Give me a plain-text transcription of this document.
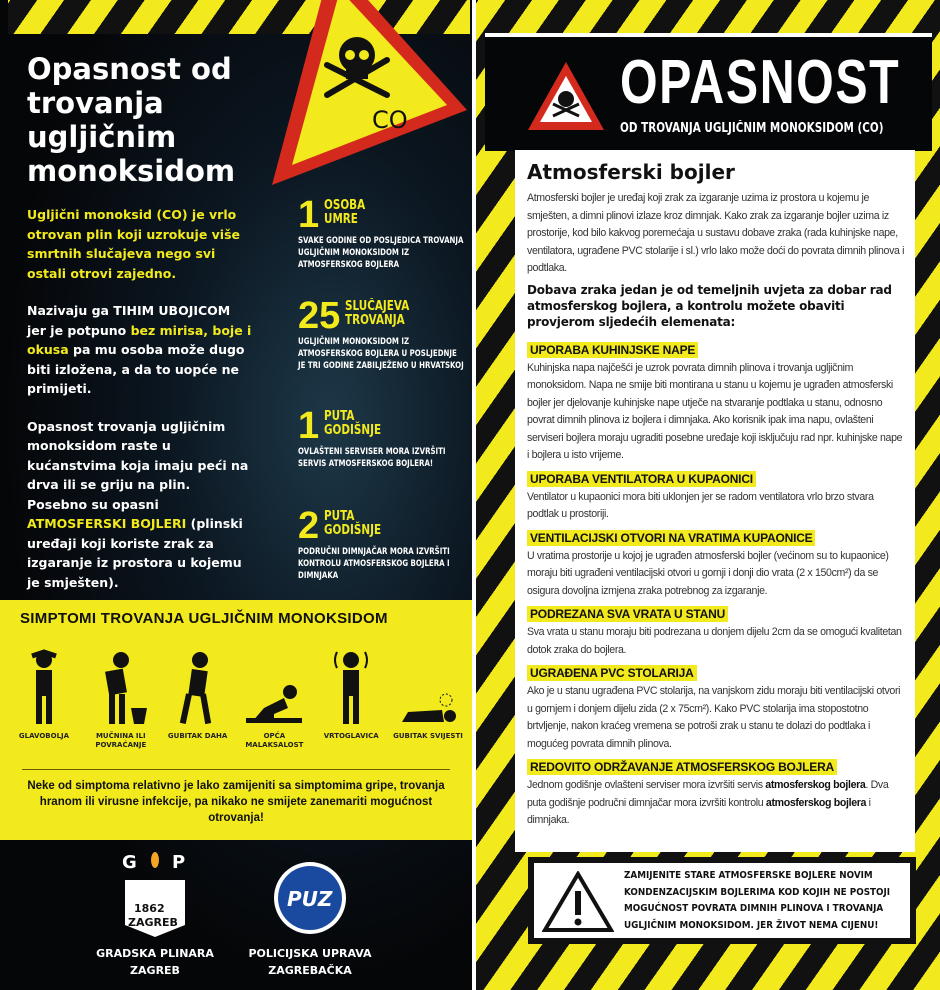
Opasnost od trovanja ugljičnim monoksidom
CO

Ugljični monoksid (CO) je vrlo otrovan plin koji uzrokuje više smrtnih slučajeva nego svi ostali otrovi zajedno.

Nazivaju ga TIHIM UBOJICOM jer je potpuno bez mirisa, boje i okusa pa mu osoba može dugo biti izložena, a da to uopće ne primijeti.

Opasnost trovanja ugljičnim monoksidom raste u kućanstvima koja imaju peći na drva ili se griju na plin. Posebno su opasni ATMOSFERSKI BOJLERI (plinski uređaji koji koriste zrak za izgaranje iz prostora u kojemu je smješten).

1 OSOBA
UMRE
SVAKE GODINE OD POSLJEDICA TROVANJA UGLJIČNIM MONOKSIDOM IZ ATMOSFERSKOG BOJLERA
25 SLUČAJEVA
TROVANJA
UGLJIČNIM MONOKSIDOM IZ ATMOSFERSKOG BOJLERA U POSLJEDNJE JE TRI GODINE ZABILJEŽENO U HRVATSKOJ
1 PUTA
GODIŠNJE
OVLAŠTENI SERVISER MORA IZVRŠITI SERVIS ATMOSFERSKOG BOJLERA!
2 PUTA
GODIŠNJE
PODRUČNI DIMNJAČAR MORA IZVRŠITI KONTROLU ATMOSFERSKOG BOJLERA I DIMNJAKA
SIMPTOMI TROVANJA UGLJIČNIM MONOKSIDOM
GLAVOBOLJA	MUČNINA ILI POVRAĆANJE
GUBITAK DAHA	OPĆA MALAKSALOST
VRTOGLAVICA	GUBITAK SVIJESTI
Neke od simptoma relativno je lako zamijeniti sa simptomima gripe, trovanja hranom ili virusne infekcije, pa nikako ne smijete zanemariti mogućnost otrovanja!
G P
1862
ZAGREB
GRADSKA PLINARA
ZAGREB
PUZ
POLICIJSKA UPRAVA
ZAGREBAČKA
OPASNOST
OD TROVANJA UGLJIČNIM MONOKSIDOM (CO)
Atmosferski bojler

Atmosferski bojler je uređaj koji zrak za izgaranje uzima iz prostora u kojemu je smješten, a dimni plinovi izlaze kroz dimnjak. Kako zrak za izgaranje bojler uzima iz prostorije, kod bilo kakvog poremećaja u sustavu dobave zraka (rada kuhinjske nape, ventilatora, ugrađene PVC stolarije i sl.) vrlo lako može doći do povrata dimnih plinova i podtlaka.

Dobava zraka jedan je od temeljnih uvjeta za dobar rad atmosferskog bojlera, a kontrolu možete obaviti provjerom sljedećih elemenata:
UPORABA KUHINJSKE NAPE

Kuhinjska napa najčešći je uzrok povrata dimnih plinova i trovanja ugljičnim monoksidom. Napa ne smije biti montirana u stanu u kojemu je ugrađen atmosferski bojler jer djelovanje kuhinjske nape utječe na stvaranje podtlaka u stanu, odnosno povrat dimnih plinova iz bojlera i dimnjaka. Ako korisnik ipak ima napu, ovlašteni serviseri bojlera moraju ugraditi posebne uređaje koji isključuju rad npr. kuhinjske nape i bojlera u isto vrijeme.

UPORABA VENTILATORA U KUPAONICI

Ventilator u kupaonici mora biti uklonjen jer se radom ventilatora vrlo brzo stvara podtlak u prostoriji.

VENTILACIJSKI OTVORI NA VRATIMA KUPAONICE

U vratima prostorije u kojoj je ugrađen atmosferski bojler (većinom su to kupaonice) moraju biti ugrađeni ventilacijski otvori u gornji i donji dio vrata (2 x 150cm²) da se osigura dovoljna izmjena zraka potrebnog za izgaranje.

PODREZANA SVA VRATA U STANU

Sva vrata u stanu moraju biti podrezana u donjem dijelu 2cm da se omogući kvalitetan dotok zraka do bojlera.

UGRAĐENA PVC STOLARIJA

Ako je u stanu ugrađena PVC stolarija, na vanjskom zidu moraju biti ventilacijski otvori u gornjem i donjem dijelu zida (2 x 75cm²). Kako PVC stolarija ima stopostotno brtvljenje, nakon kraćeg vremena se potroši zrak u stanu te dolazi do podtlaka i mogućeg povrata dimnih plinova.

REDOVITO ODRŽAVANJE ATMOSFERSKOG BOJLERA

Jednom godišnje ovlašteni serviser mora izvršiti servis atmosferskog bojlera. Dva puta godišnje područni dimnjačar mora izvršiti kontrolu atmosferskog bojlera i dimnjaka.

ZAMIJENITE STARE ATMOSFERSKE BOJLERE NOVIM
KONDENZACIJSKIM BOJLERIMA KOD KOJIH NE POSTOJI
MOGUĆNOST POVRATA DIMNIH PLINOVA I TROVANJA
UGLJIČNIM MONOKSIDOM. JER ŽIVOT NEMA CIJENU!
